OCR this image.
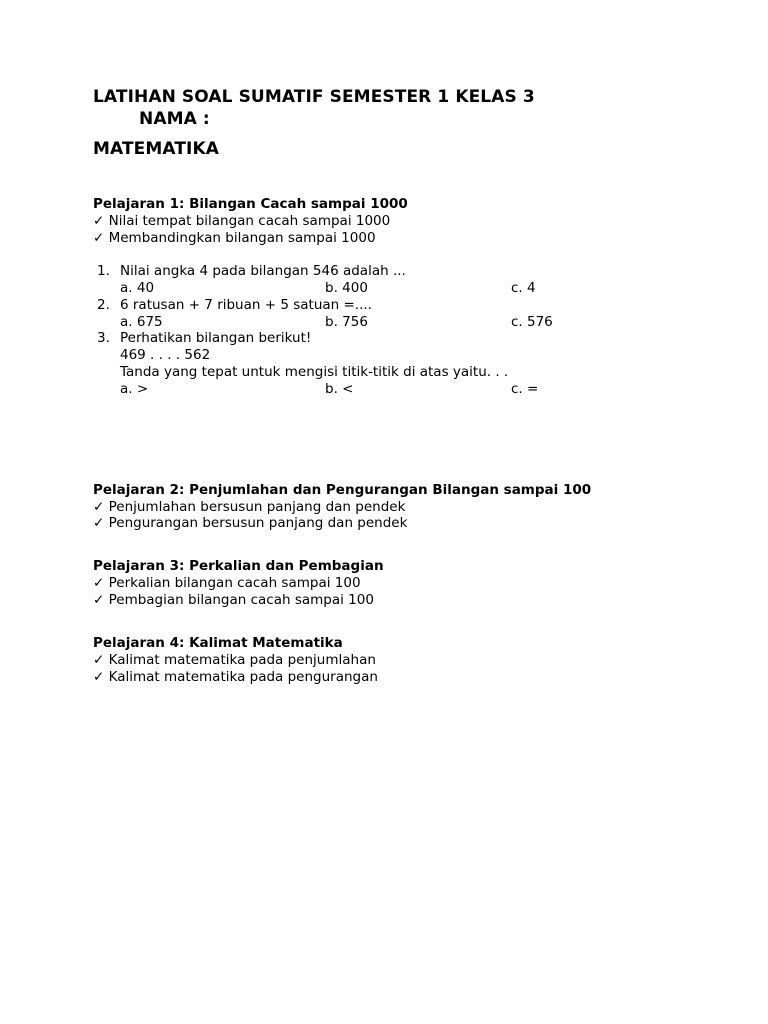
LATIHAN SOAL SUMATIF SEMESTER 1 KELAS 3
NAMA :
MATEMATIKA
Pelajaran 1: Bilangan Cacah sampai 1000
✓ Nilai tempat bilangan cacah sampai 1000
✓ Membandingkan bilangan sampai 1000
1. Nilai angka 4 pada bilangan 546 adalah ...
a. 40	b. 400	c. 4
2. 6 ratusan + 7 ribuan + 5 satuan =....
a. 675	b. 756	c. 576
3. Perhatikan bilangan berikut!
469 . . . . 562
Tanda yang tepat untuk mengisi titik-titik di atas yaitu. . .
a. >	b. <	c. =
Pelajaran 2: Penjumlahan dan Pengurangan Bilangan sampai 100
✓ Penjumlahan bersusun panjang dan pendek
✓ Pengurangan bersusun panjang dan pendek
Pelajaran 3: Perkalian dan Pembagian
✓ Perkalian bilangan cacah sampai 100
✓ Pembagian bilangan cacah sampai 100
Pelajaran 4: Kalimat Matematika
✓ Kalimat matematika pada penjumlahan
✓ Kalimat matematika pada pengurangan
